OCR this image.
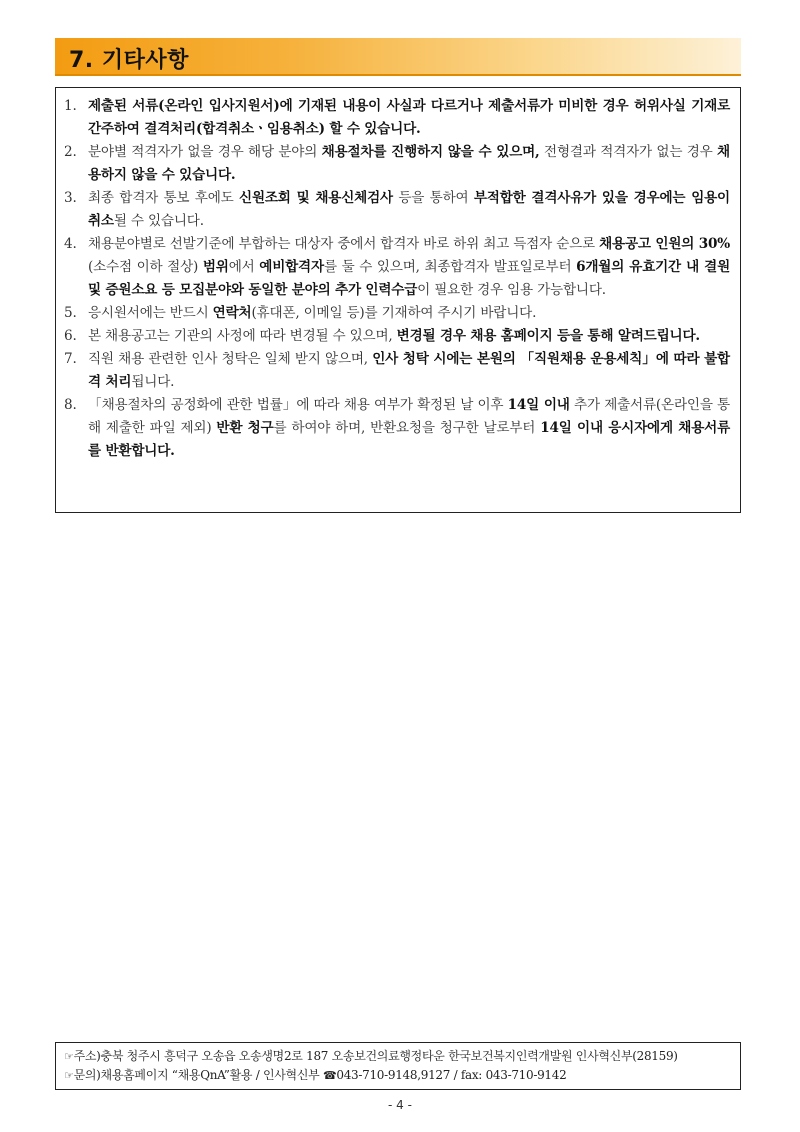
7. 기타사항
1. 제출된 서류(온라인 입사지원서)에 기재된 내용이 사실과 다르거나 제출서류가 미비한 경우 허위사실 기재로 간주하여 결격처리(합격취소ㆍ임용취소) 할 수 있습니다.
2. 분야별 적격자가 없을 경우 해당 분야의 채용절차를 진행하지 않을 수 있으며, 전형결과 적격자가 없는 경우 채용하지 않을 수 있습니다.
3. 최종 합격자 통보 후에도 신원조회 및 채용신체검사 등을 통하여 부적합한 결격사유가 있을 경우에는 임용이 취소될 수 있습니다.
4. 채용분야별로 선발기준에 부합하는 대상자 중에서 합격자 바로 하위 최고 득점자 순으로 채용공고 인원의 30%(소수점 이하 절상) 범위에서 예비합격자를 둘 수 있으며, 최종합격자 발표일로부터 6개월의 유효기간 내 결원 및 증원소요 등 모집분야와 동일한 분야의 추가 인력수급이 필요한 경우 임용 가능합니다.
5. 응시원서에는 반드시 연락처(휴대폰, 이메일 등)를 기재하여 주시기 바랍니다.
6. 본 채용공고는 기관의 사정에 따라 변경될 수 있으며, 변경될 경우 채용 홈페이지 등을 통해 알려드립니다.
7. 직원 채용 관련한 인사 청탁은 일체 받지 않으며, 인사 청탁 시에는 본원의 「직원채용 운용세칙」에 따라 불합격 처리됩니다.
8. 「채용절차의 공정화에 관한 법률」에 따라 채용 여부가 확정된 날 이후 14일 이내 추가 제출서류(온라인을 통해 제출한 파일 제외) 반환 청구를 하여야 하며, 반환요청을 청구한 날로부터 14일 이내 응시자에게 채용서류를 반환합니다.
☞주소)충북 청주시 흥덕구 오송읍 오송생명2로 187 오송보건의료행정타운 한국보건복지인력개발원 인사혁신부(28159)
☞문의)채용홈페이지 “채용QnA”활용 / 인사혁신부 ☎043-710-9148,9127 / fax: 043-710-9142
- 4 -
